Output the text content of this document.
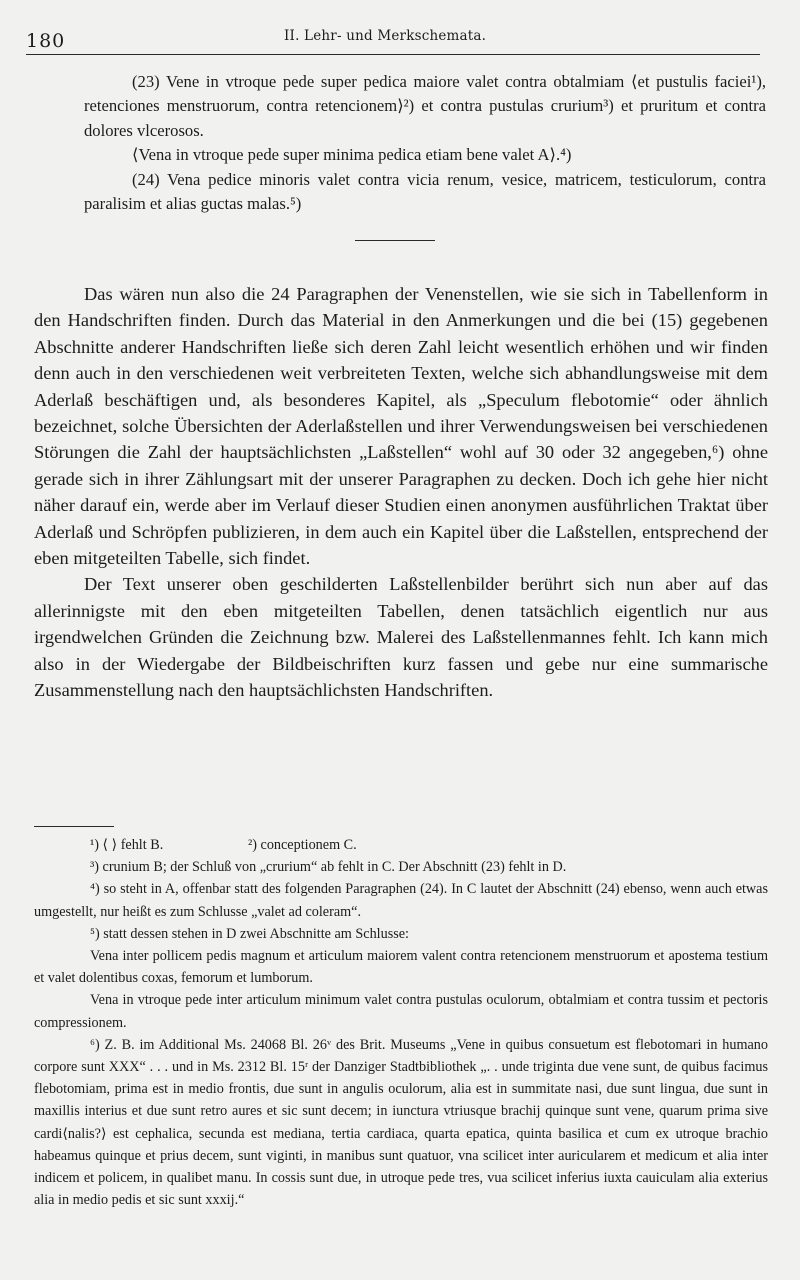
180	II. Lehr- und Merkschemata.

(23) Vene in vtroque pede super pedica maiore valet contra obtalmiam ⟨et pustulis faciei¹), retenciones menstruorum, contra retencionem⟩²) et contra pustulas crurium³) et pruritum et contra dolores vlcerosos.

⟨Vena in vtroque pede super minima pedica etiam bene valet A⟩.⁴)

(24) Vena pedice minoris valet contra vicia renum, vesice, matricem, testiculorum, contra paralisim et alias guctas malas.⁵)

Das wären nun also die 24 Paragraphen der Venenstellen, wie sie sich in Tabellenform in den Handschriften finden. Durch das Material in den Anmerkungen und die bei (15) gegebenen Abschnitte anderer Handschriften ließe sich deren Zahl leicht wesentlich erhöhen und wir finden denn auch in den verschiedenen weit verbreiteten Texten, welche sich abhandlungsweise mit dem Aderlaß beschäftigen und, als besonderes Kapitel, als „Speculum flebotomie“ oder ähnlich bezeichnet, solche Übersichten der Aderlaßstellen und ihrer Verwendungsweisen bei verschiedenen Störungen die Zahl der hauptsächlichsten „Laßstellen“ wohl auf 30 oder 32 angegeben,⁶) ohne gerade sich in ihrer Zählungsart mit der unserer Paragraphen zu decken. Doch ich gehe hier nicht näher darauf ein, werde aber im Verlauf dieser Studien einen anonymen ausführlichen Traktat über Aderlaß und Schröpfen publizieren, in dem auch ein Kapitel über die Laßstellen, entsprechend der eben mitgeteilten Tabelle, sich findet.

Der Text unserer oben geschilderten Laßstellenbilder berührt sich nun aber auf das allerinnigste mit den eben mitgeteilten Tabellen, denen tatsächlich eigentlich nur aus irgendwelchen Gründen die Zeichnung bzw. Malerei des Laßstellenmannes fehlt. Ich kann mich also in der Wiedergabe der Bildbeischriften kurz fassen und gebe nur eine summarische Zusammenstellung nach den hauptsächlichsten Handschriften.

¹) ⟨ ⟩ fehlt B.	²) conceptionem C.

³) crunium B; der Schluß von „crurium“ ab fehlt in C. Der Abschnitt (23) fehlt in D.

⁴) so steht in A, offenbar statt des folgenden Paragraphen (24). In C lautet der Abschnitt (24) ebenso, wenn auch etwas umgestellt, nur heißt es zum Schlusse „valet ad coleram“.

⁵) statt dessen stehen in D zwei Abschnitte am Schlusse:

Vena inter pollicem pedis magnum et articulum maiorem valent contra retencionem menstruorum et apostema testium et valet dolentibus coxas, femorum et lumborum.

Vena in vtroque pede inter articulum minimum valet contra pustulas oculorum, obtalmiam et contra tussim et pectoris compressionem.

⁶) Z. B. im Additional Ms. 24068 Bl. 26ᵛ des Brit. Museums „Vene in quibus consuetum est flebotomari in humano corpore sunt XXX“ . . . und in Ms. 2312 Bl. 15ʳ der Danziger Stadtbibliothek „. . unde triginta due vene sunt, de quibus facimus flebotomiam, prima est in medio frontis, due sunt in angulis oculorum, alia est in summitate nasi, due sunt lingua, due sunt in maxillis interius et due sunt retro aures et sic sunt decem; in iunctura vtriusque brachij quinque sunt vene, quarum prima sive cardi⟨nalis?⟩ est cephalica, secunda est mediana, tertia cardiaca, quarta epatica, quinta basilica et cum ex utroque brachio habeamus quinque et prius decem, sunt viginti, in manibus sunt quatuor, vna scilicet inter auricularem et medicum et alia inter indicem et policem, in qualibet manu. In cossis sunt due, in utroque pede tres, vua scilicet inferius iuxta cauiculam alia exterius alia in medio pedis et sic sunt xxxij.“
